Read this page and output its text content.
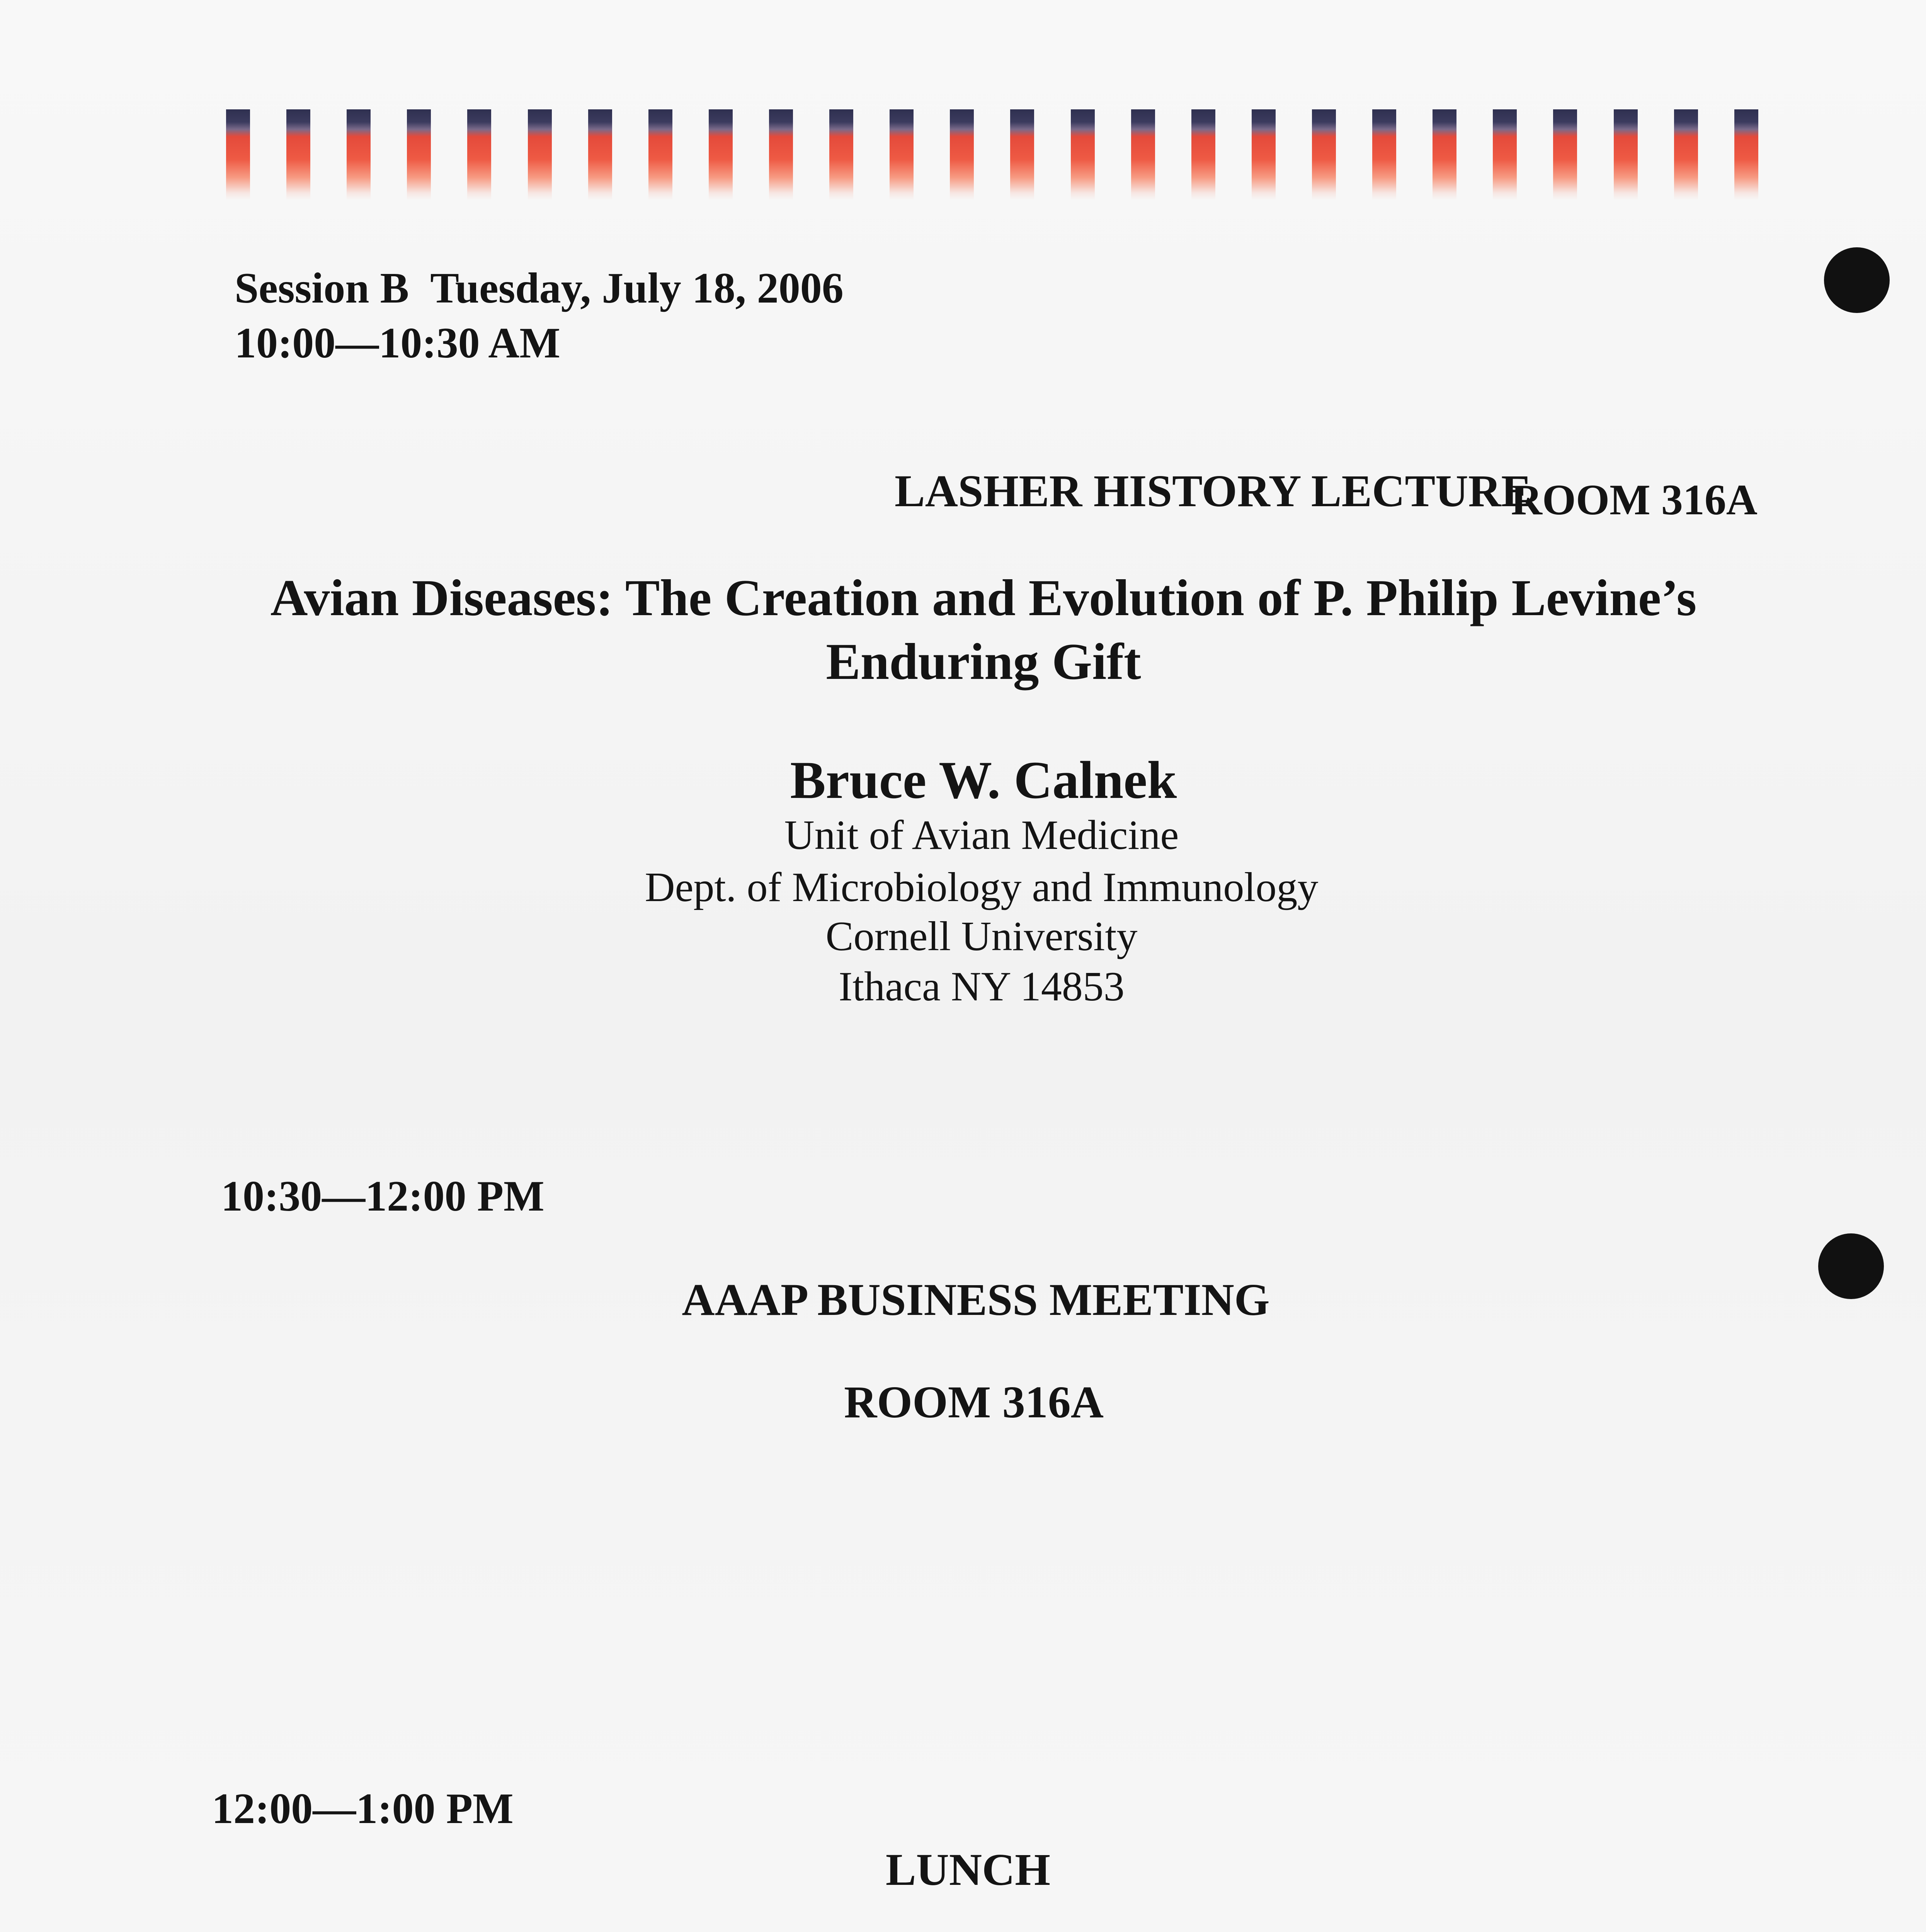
Session B Tuesday, July 18, 2006
10:00—10:30 AM
LASHER HISTORY LECTURE
ROOM 316A
Avian Diseases: The Creation and Evolution of P. Philip Levine’s
Enduring Gift
Bruce W. Calnek
Unit of Avian Medicine
Dept. of Microbiology and Immunology
Cornell University
Ithaca NY 14853
10:30—12:00 PM
AAAP BUSINESS MEETING
ROOM 316A
12:00—1:00 PM
LUNCH
